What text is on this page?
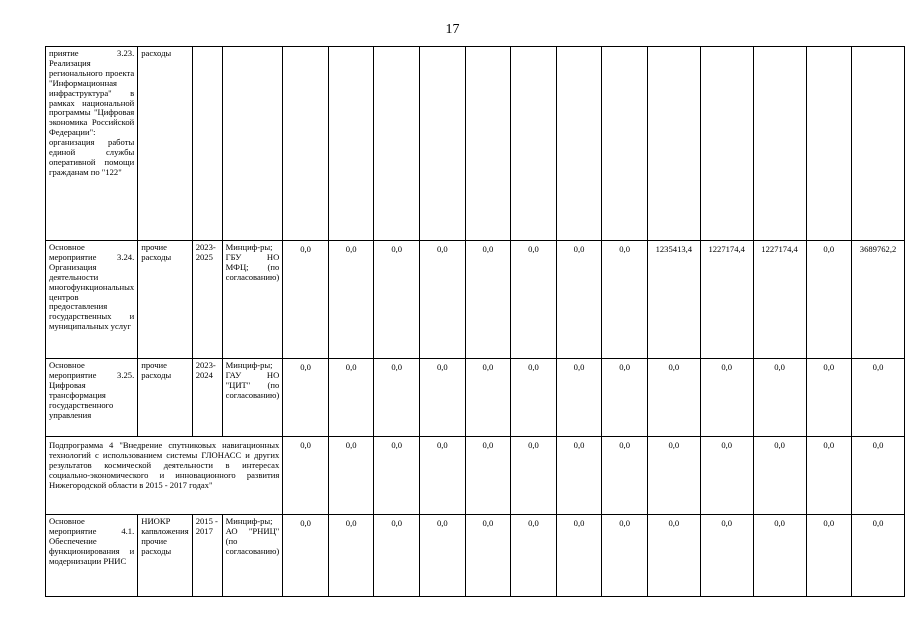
17
приятие 3.23. Реализация регионального проекта "Информационная инфраструктура" в рамках национальной программы "Цифровая экономика Российской Федерации": организация работы единой службы оперативной помощи гражданам по "122"	расходы															
Основное мероприятие 3.24. Организация деятельности многофункциональных центров предоставления государственных и муниципальных услуг	прочие расходы	2023-2025	Минциф-ры; ГБУ НО МФЦ; (по согласованию)	0,0	0,0	0,0	0,0	0,0	0,0	0,0	0,0	1235413,4	1227174,4	1227174,4	0,0	3689762,2
Основное мероприятие 3.25. Цифровая трансформация государственного управления	прочие расходы	2023-2024	Минциф-ры; ГАУ НО "ЦИТ" (по согласованию)	0,0	0,0	0,0	0,0	0,0	0,0	0,0	0,0	0,0	0,0	0,0	0,0	0,0
Подпрограмма 4 "Внедрение спутниковых навигационных технологий с использованием системы ГЛОНАСС и других результатов космической деятельности в интересах социально-экономического и инновационного развития Нижегородской области в 2015 - 2017 годах"				0,0	0,0	0,0	0,0	0,0	0,0	0,0	0,0	0,0	0,0	0,0	0,0	0,0
Основное мероприятие 4.1. Обеспечение функционирования и модернизации РНИС	НИОКР капвложения прочие расходы	2015 - 2017	Минциф-ры; АО "РНИЦ" (по согласованию)	0,0	0,0	0,0	0,0	0,0	0,0	0,0	0,0	0,0	0,0	0,0	0,0	0,0
